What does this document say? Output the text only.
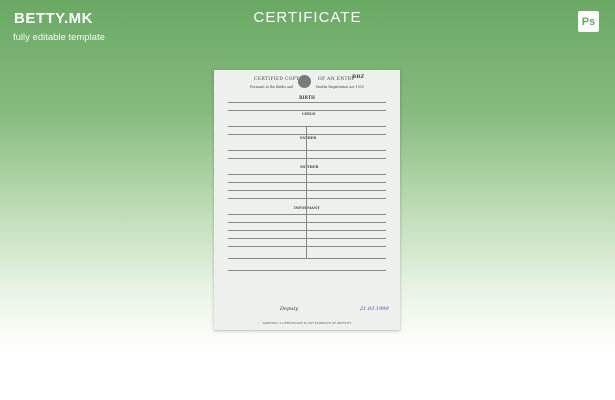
BETTY.MK
fully editable template
CERTIFICATE	Ps
BBZ
CERTIFIED COPY	OF AN ENTRY
Pursuant to the Births and	Deaths Registration Act 1953
BIRTH
CHILD
FATHER
MOTHER
INFORMANT
Deputy	21.03.1990
WARNING: A CERTIFICATE IS NOT EVIDENCE OF IDENTITY
